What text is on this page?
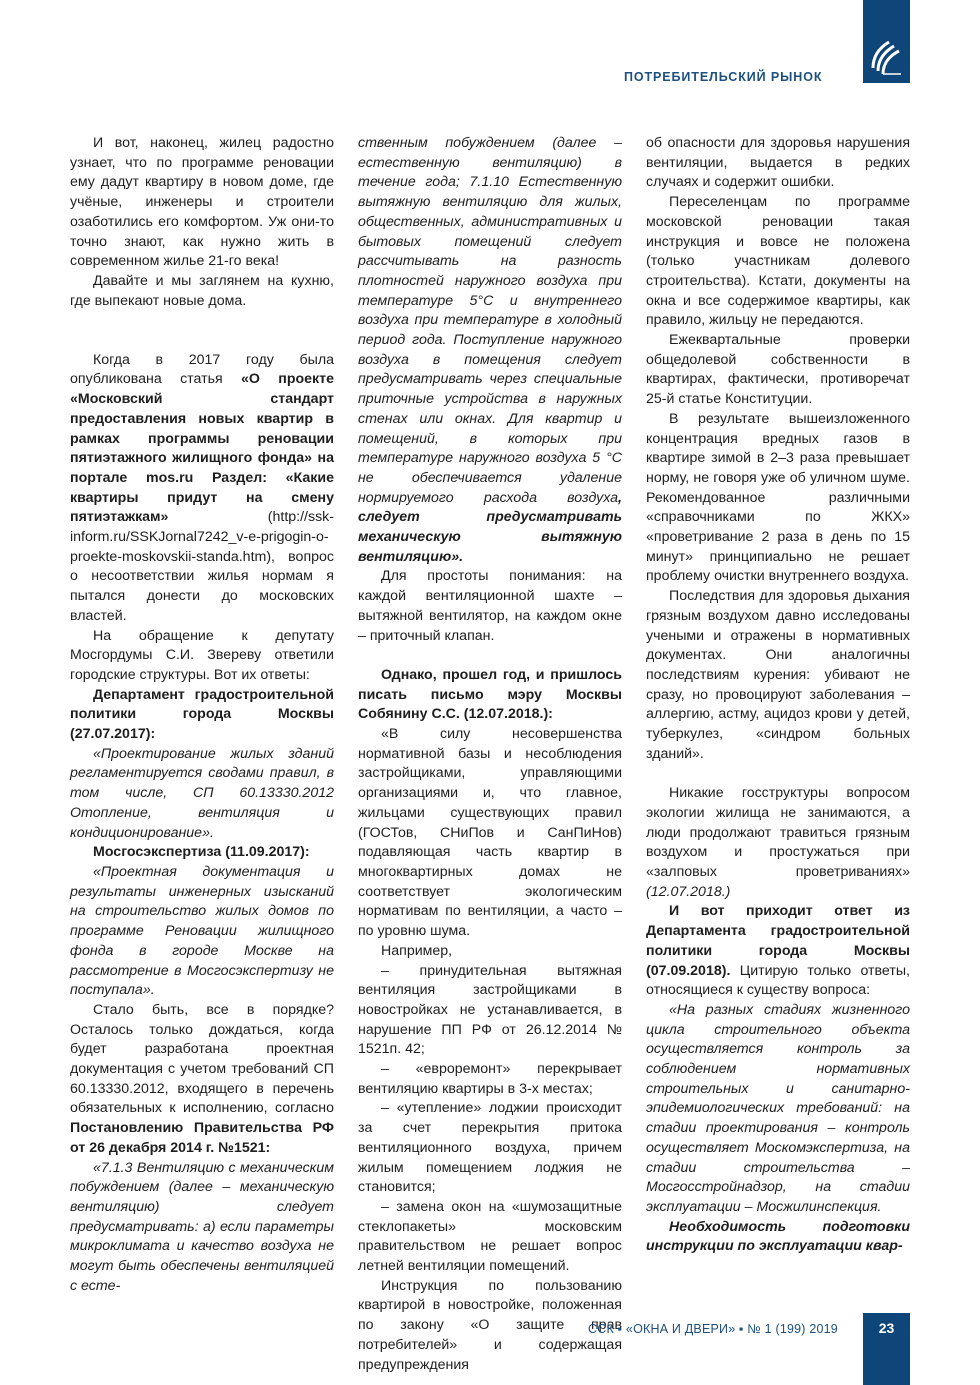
ПОТРЕБИТЕЛЬСКИЙ РЫНОК

И вот, наконец, жилец радостно узнает, что по программе реновации ему дадут квартиру в новом доме, где учёные, инженеры и строители озаботились его комфортом. Уж они-то точно знают, как нужно жить в современном жилье 21-го века!

Давайте и мы заглянем на кухню, где выпекают новые дома.

Когда в 2017 году была опубликована статья «О проекте «Московский стандарт предоставления новых квартир в рамках программы реновации пятиэтажного жилищного фонда» на портале mos.ru Раздел: «Какие квартиры придут на смену пятиэтажкам» (http://ssk-inform.ru/SSKJornal7242_v-e-prigogin-o-proekte-moskovskii-standa.htm), вопрос о несоответствии жилья нормам я пытался донести до московских властей.

На обращение к депутату Мосгордумы С.И. Звереву ответили городские структуры. Вот их ответы:

Департамент градостроительной политики города Москвы (27.07.2017):

«Проектирование жилых зданий регламентируется сводами правил, в том числе, СП 60.13330.2012 Отопление, вентиляция и кондиционирование».

Мосгосэкспертиза (11.09.2017):

«Проектная документация и результаты инженерных изысканий на строительство жилых домов по программе Реновации жилищного фонда в городе Москве на рассмотрение в Мосгосэкспертизу не поступала».

Стало быть, все в порядке? Осталось только дождаться, когда будет разработана проектная документация с учетом требований СП 60.13330.2012, входящего в перечень обязательных к исполнению, согласно Постановлению Правительства РФ от 26 декабря 2014 г. №1521:

«7.1.3 Вентиляцию с механическим побуждением (далее – механическую вентиляцию) следует предусматривать: а) если параметры микроклимата и качество воздуха не могут быть обеспечены вентиляцией с есте-

ственным побуждением (далее – естественную вентиляцию) в течение года; 7.1.10 Естественную вытяжную вентиляцию для жилых, общественных, административных и бытовых помещений следует рассчитывать на разность плотностей наружного воздуха при температуре 5°С и внутреннего воздуха при температуре в холодный период года. Поступление наружного воздуха в помещения следует предусматривать через специальные приточные устройства в наружных стенах или окнах. Для квартир и помещений, в которых при температуре наружного воздуха 5 °С не обеспечивается удаление нормируемого расхода воздуха, следует предусматривать механическую вытяжную вентиляцию».

Для простоты понимания: на каждой вентиляционной шахте – вытяжной вентилятор, на каждом окне – приточный клапан.

Однако, прошел год, и пришлось писать письмо мэру Москвы Собянину С.С. (12.07.2018.):

«В силу несовершенства нормативной базы и несоблюдения застройщиками, управляющими организациями и, что главное, жильцами существующих правил (ГОСТов, СНиПов и СанПиНов) подавляющая часть квартир в многоквартирных домах не соответствует экологическим нормативам по вентиляции, а часто – по уровню шума.

Например,

– принудительная вытяжная вентиляция застройщиками в новостройках не устанавливается, в нарушение ПП РФ от 26.12.2014 № 1521п. 42;

– «евроремонт» перекрывает вентиляцию квартиры в 3-х местах;

– «утепление» лоджии происходит за счет перекрытия притока вентиляционного воздуха, причем жилым помещением лоджия не становится;

– замена окон на «шумозащитные стеклопакеты» московским правительством не решает вопрос летней вентиляции помещений.

Инструкция по пользованию квартирой в новостройке, положенная по закону «О защите прав потребителей» и содержащая предупреждения

об опасности для здоровья нарушения вентиляции, выдается в редких случаях и содержит ошибки.

Переселенцам по программе московской реновации такая инструкция и вовсе не положена (только участникам долевого строительства). Кстати, документы на окна и все содержимое квартиры, как правило, жильцу не передаются.

Ежеквартальные проверки общедолевой собственности в квартирах, фактически, противоречат 25-й статье Конституции.

В результате вышеизложенного концентрация вредных газов в квартире зимой в 2–3 раза превышает норму, не говоря уже об уличном шуме. Рекомендованное различными «справочниками по ЖКХ» «проветривание 2 раза в день по 15 минут» принципиально не решает проблему очистки внутреннего воздуха.

Последствия для здоровья дыхания грязным воздухом давно исследованы учеными и отражены в нормативных документах. Они аналогичны последствиям курения: убивают не сразу, но провоцируют заболевания – аллергию, астму, ацидоз крови у детей, туберкулез, «синдром больных зданий».

Никакие госструктуры вопросом экологии жилища не занимаются, а люди продолжают травиться грязным воздухом и простужаться при «залповых проветриваниях» (12.07.2018.)

И вот приходит ответ из Департамента градостроительной политики города Москвы (07.09.2018). Цитирую только ответы, относящиеся к существу вопроса:

«На разных стадиях жизненного цикла строительного объекта осуществляется контроль за соблюдением нормативных строительных и санитарно-эпидемиологических требований: на стадии проектирования – контроль осуществляет Москомэкспертиза, на стадии строительства – Мосгосстройнадзор, на стадии эксплуатации – Мосжилинспекция.

Необходимость подготовки инструкции по эксплуатации квар-

ССК ▪ «ОКНА И ДВЕРИ» ▪ № 1 (199) 2019	23
